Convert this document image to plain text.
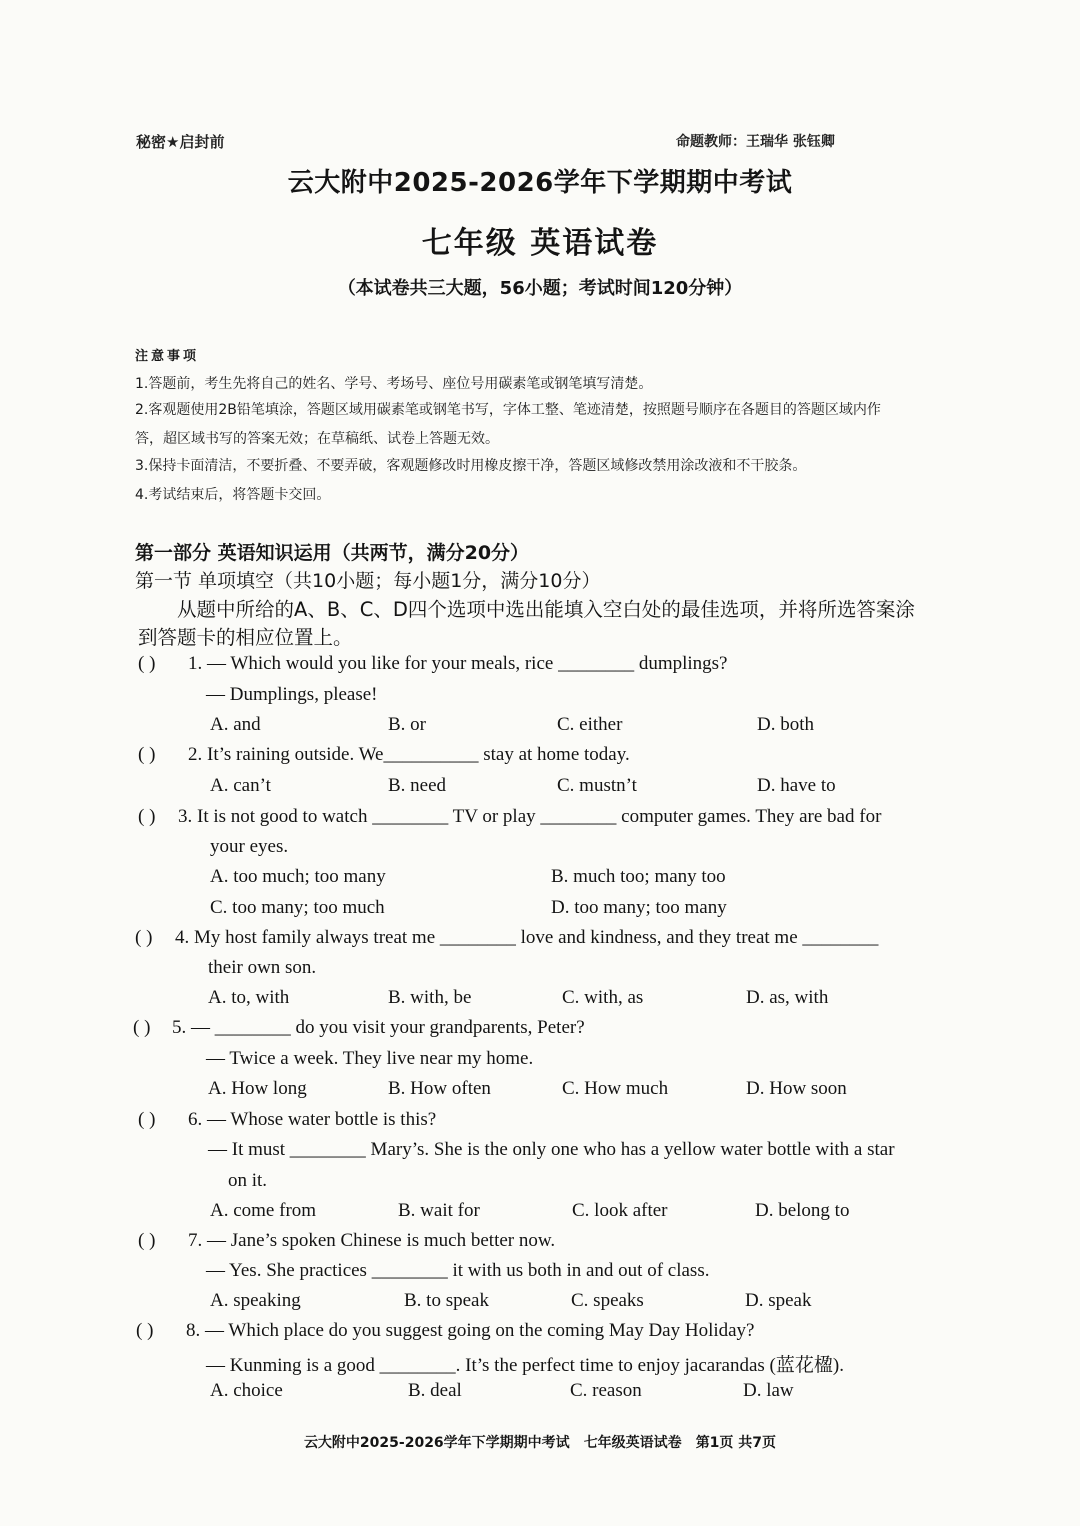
秘密★启封前	命题教师：王瑞华 张钰卿
云大附中2025-2026学年下学期期中考试
七年级 英语试卷
（本试卷共三大题，56小题；考试时间120分钟）
注意事项
1.答题前，考生先将自己的姓名、学号、考场号、座位号用碳素笔或钢笔填写清楚。
2.客观题使用2B铅笔填涂，答题区域用碳素笔或钢笔书写，字体工整、笔迹清楚，按照题号顺序在各题目的答题区域内作
答，超区域书写的答案无效；在草稿纸、试卷上答题无效。
3.保持卡面清洁，不要折叠、不要弄破，客观题修改时用橡皮擦干净，答题区域修改禁用涂改液和不干胶条。
4.考试结束后，将答题卡交回。
第一部分 英语知识运用（共两节，满分20分）
第一节 单项填空（共10小题；每小题1分，满分10分）
从题中所给的A、B、C、D四个选项中选出能填入空白处的最佳选项，并将所选答案涂
到答题卡的相应位置上。
( ) 1. — Which would you like for your meals, rice ________ dumplings?
— Dumplings, please!
A. and	B. or	C. either	D. both
( ) 2. It’s raining outside. We__________ stay at home today.
A. can’t	B. need	C. mustn’t	D. have to
( ) 3. It is not good to watch ________ TV or play ________ computer games. They are bad for
your eyes.
A. too much; too many	B. much too; many too
C. too many; too much	D. too many; too many
( ) 4. My host family always treat me ________ love and kindness, and they treat me ________
their own son.
A. to, with	B. with, be	C. with, as	D. as, with
( ) 5. — ________ do you visit your grandparents, Peter?
— Twice a week. They live near my home.
A. How long	B. How often	C. How much	D. How soon
( ) 6. — Whose water bottle is this?
— It must ________ Mary’s. She is the only one who has a yellow water bottle with a star
on it.
A. come from	B. wait for	C. look after	D. belong to
( ) 7. — Jane’s spoken Chinese is much better now.
— Yes. She practices ________ it with us both in and out of class.
A. speaking	B. to speak	C. speaks	D. speak
( ) 8. — Which place do you suggest going on the coming May Day Holiday?
— Kunming is a good ________. It’s the perfect time to enjoy jacarandas (蓝花楹).
A. choice	B. deal	C. reason	D. law
云大附中2025-2026学年下学期期中考试 七年级英语试卷 第1页 共7页
